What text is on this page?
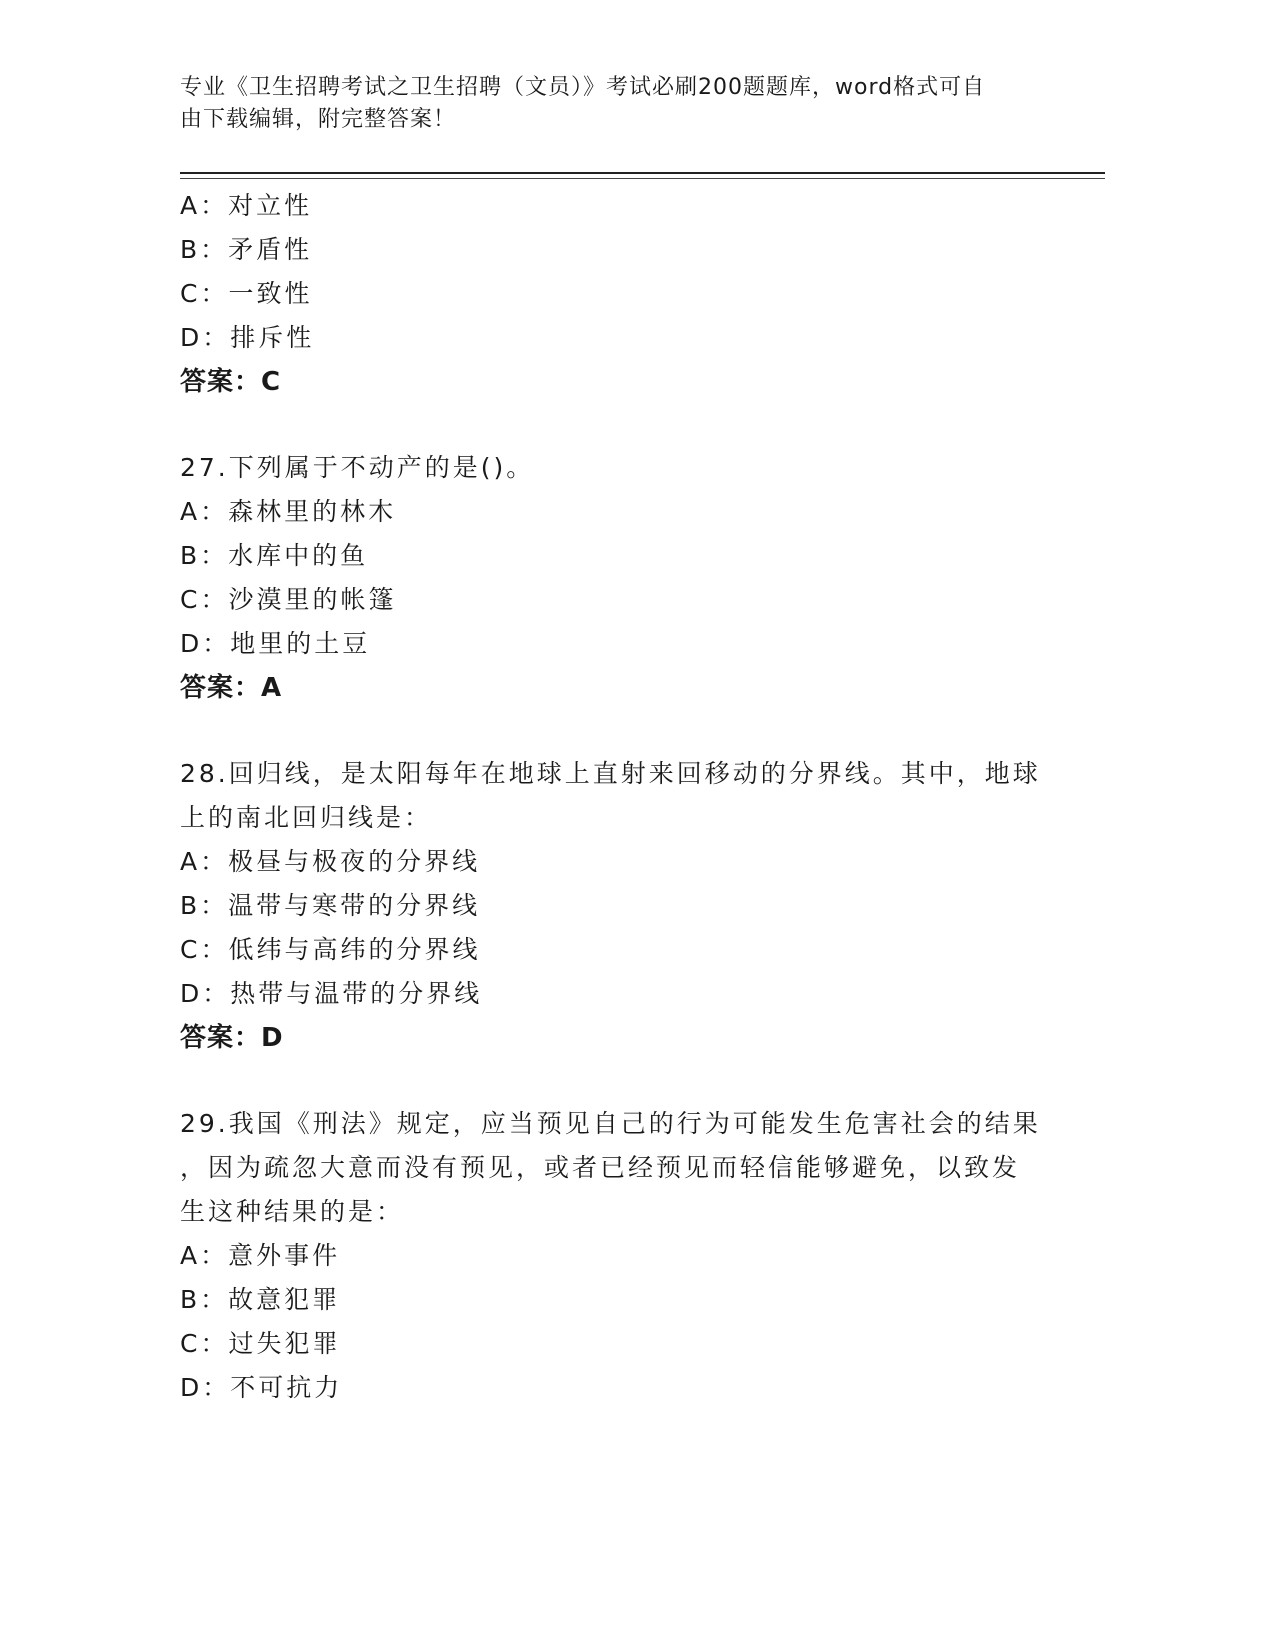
专业《卫生招聘考试之卫生招聘（文员）》考试必刷200题题库，word格式可自
由下载编辑，附完整答案！

A：对立性
B：矛盾性
C：一致性
D：排斥性
答案：C
27.下列属于不动产的是()。
A：森林里的林木
B：水库中的鱼
C：沙漠里的帐篷
D：地里的土豆
答案：A
28.回归线，是太阳每年在地球上直射来回移动的分界线。其中，地球
上的南北回归线是：
A：极昼与极夜的分界线
B：温带与寒带的分界线
C：低纬与高纬的分界线
D：热带与温带的分界线
答案：D
29.我国《刑法》规定，应当预见自己的行为可能发生危害社会的结果
，因为疏忽大意而没有预见，或者已经预见而轻信能够避免，以致发
生这种结果的是：
A：意外事件
B：故意犯罪
C：过失犯罪
D：不可抗力
